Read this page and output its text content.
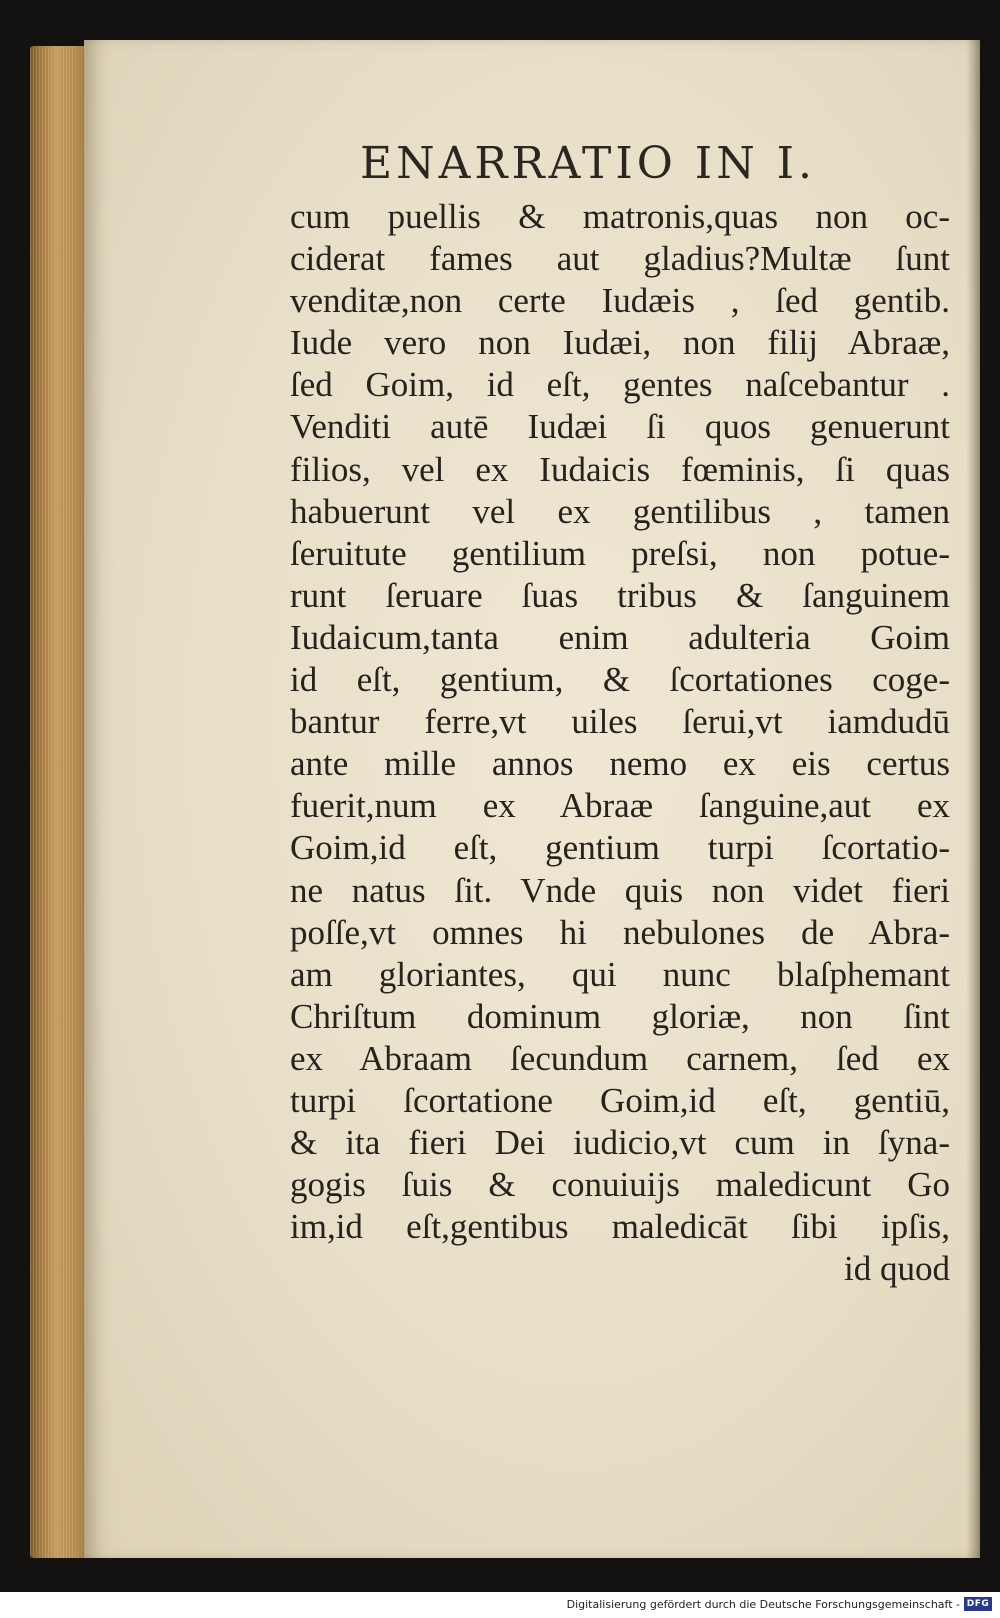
ENARRATIO IN I.
cum puellis & matronis,quas non oc-
ciderat fames aut gladius?Multæ ſunt
venditæ,non certe Iudæis , ſed gentib.
Iude vero non Iudæi, non filij Abraæ,
ſed Goim, id eſt, gentes naſcebantur .
Venditi autē Iudæi ſi quos genuerunt
filios, vel ex Iudaicis fœminis, ſi quas
habuerunt vel ex gentilibus , tamen
ſeruitute gentilium preſsi, non potue-
runt ſeruare ſuas tribus & ſanguinem
Iudaicum,tanta enim adulteria Goim
id eſt, gentium, & ſcortationes coge-
bantur ferre,vt uiles ſerui,vt iamdudū
ante mille annos nemo ex eis certus
fuerit,num ex Abraæ ſanguine,aut ex
Goim,id eſt, gentium turpi ſcortatio-
ne natus ſit. Vnde quis non videt fieri
poſſe,vt omnes hi nebulones de Abra-
am gloriantes, qui nunc blaſphemant
Chriſtum dominum gloriæ, non ſint
ex Abraam ſecundum carnem, ſed ex
turpi ſcortatione Goim,id eſt, gentiū,
& ita fieri Dei iudicio,vt cum in ſyna-
gogis ſuis & conuiuijs maledicunt Go
im,id eſt,gentibus maledicāt ſibi ipſis,
id quod
Digitalisierung gefördert durch die Deutsche Forschungsgemeinschaft - DFG
